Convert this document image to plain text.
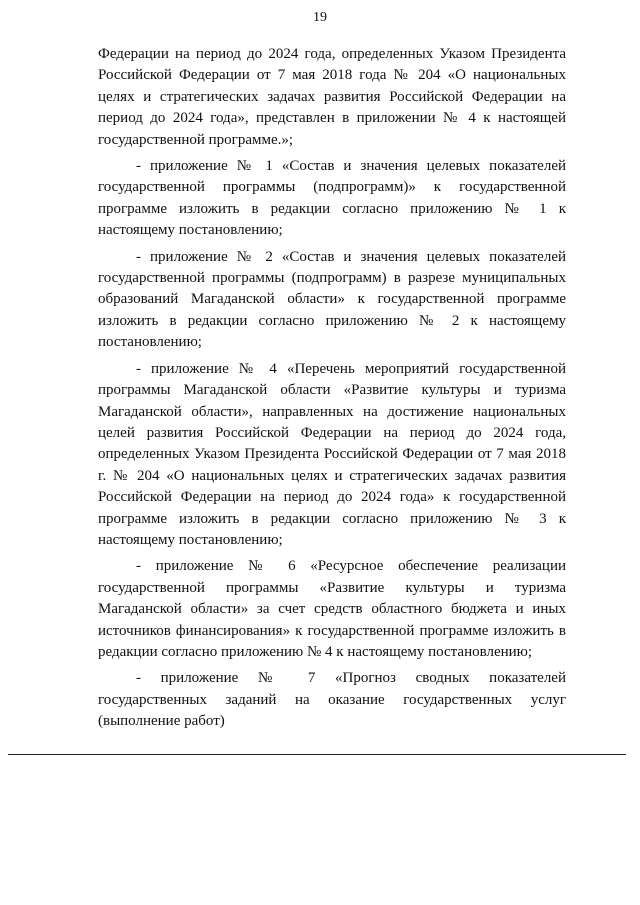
19

Федерации на период до 2024 года, определенных Указом Президента Российской Федерации от 7 мая 2018 года № 204 «О национальных целях и стратегических задачах развития Российской Федерации на период до 2024 года», представлен в приложении № 4 к настоящей государственной программе.»;

- приложение № 1 «Состав и значения целевых показателей государственной программы (подпрограмм)» к государственной программе изложить в редакции согласно приложению № 1 к настоящему постановлению;

- приложение № 2 «Состав и значения целевых показателей государственной программы (подпрограмм) в разрезе муниципальных образований Магаданской области» к государственной программе изложить в редакции согласно приложению № 2 к настоящему постановлению;

- приложение № 4 «Перечень мероприятий государственной программы Магаданской области «Развитие культуры и туризма Магаданской области», направленных на достижение национальных целей развития Российской Федерации на период до 2024 года, определенных Указом Президента Российской Федерации от 7 мая 2018 г. № 204 «О национальных целях и стратегических задачах развития Российской Федерации на период до 2024 года» к государственной программе изложить в редакции согласно приложению № 3 к настоящему постановлению;

- приложение № 6 «Ресурсное обеспечение реализации государственной программы «Развитие культуры и туризма Магаданской области» за счет средств областного бюджета и иных источников финансирования» к государственной программе изложить в редакции согласно приложению № 4 к настоящему постановлению;

- приложение № 7 «Прогноз сводных показателей государственных заданий на оказание государственных услуг (выполнение работ)
